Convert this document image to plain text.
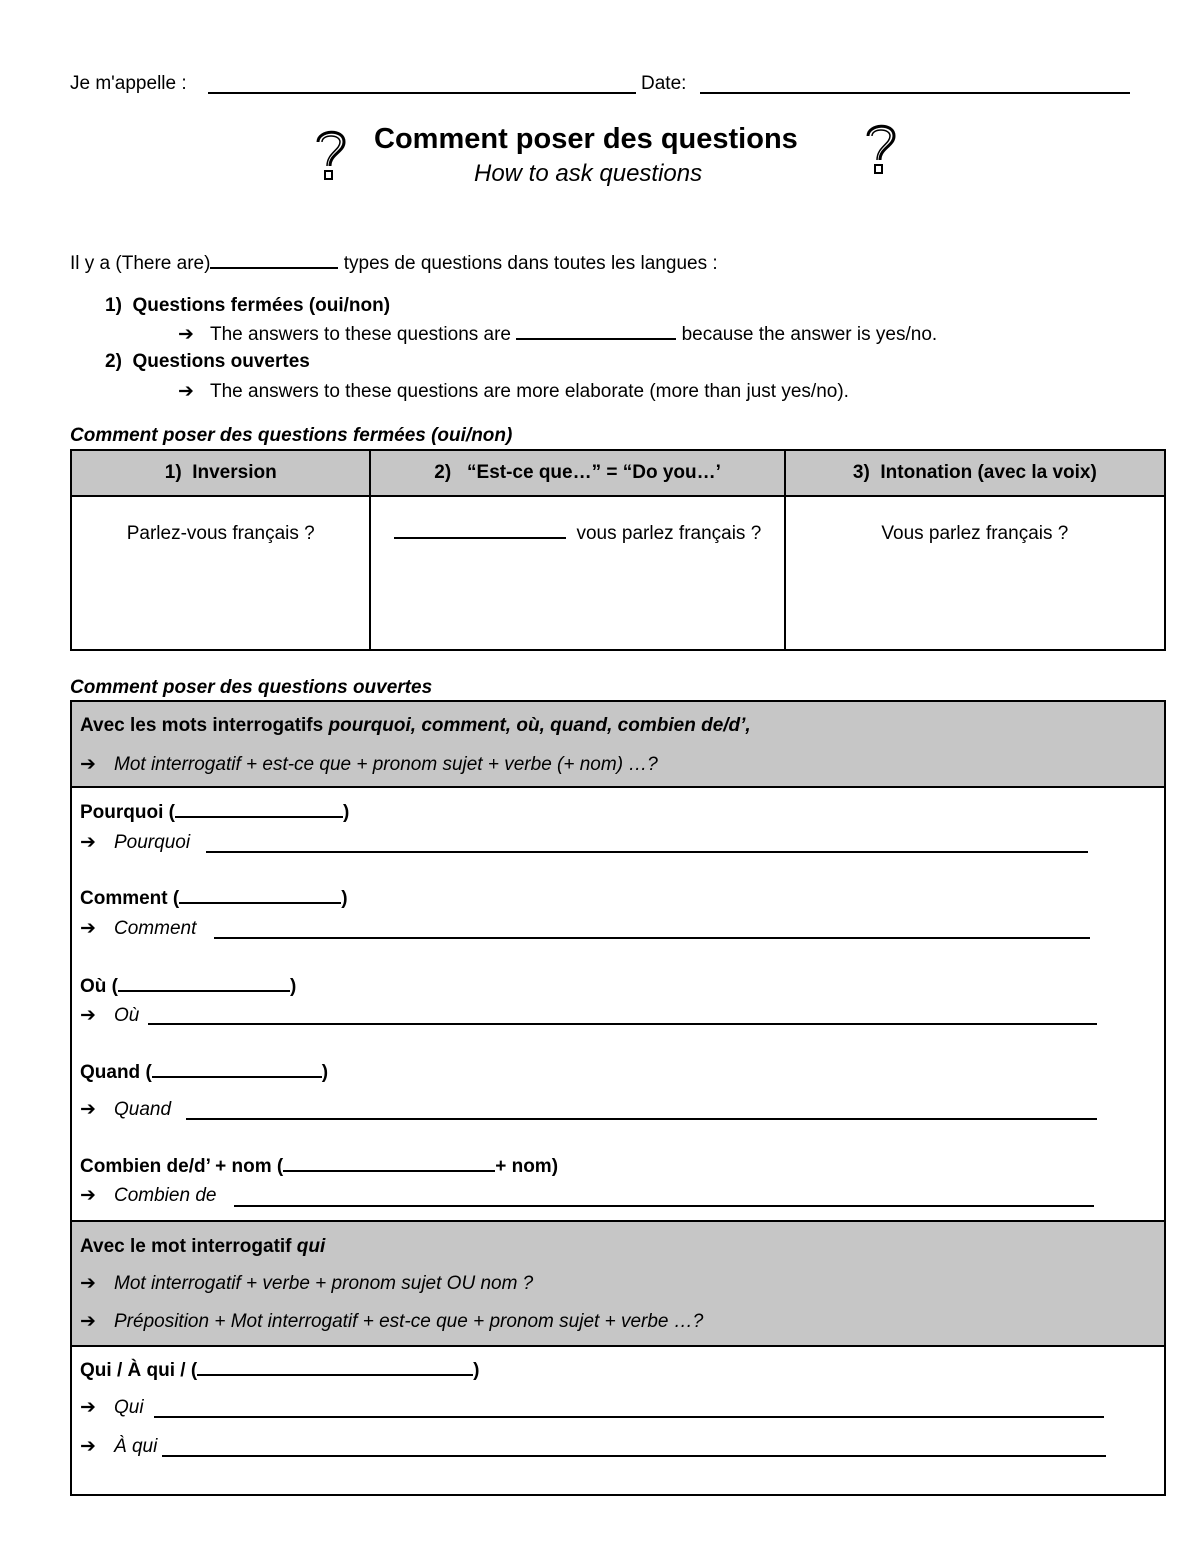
Je m'appelle :	Date:
Comment poser des questions
How to ask questions
Il y a (There are)	types de questions dans toutes les langues :
1) Questions fermées (oui/non)
➔ The answers to these questions are	because the answer is yes/no.
2) Questions ouvertes
➔ The answers to these questions are more elaborate (more than just yes/no).
Comment poser des questions fermées (oui/non)
1) Inversion	2) “Est-ce que…” = “Do you…’	3) Intonation (avec la voix)
Parlez-vous français ?	vous parlez français ?	Vous parlez français ?
Comment poser des questions ouvertes
Avec les mots interrogatifs pourquoi, comment, où, quand, combien de/d’,
➔ Mot interrogatif + est-ce que + pronom sujet + verbe (+ nom) …?
Pourquoi (	)
➔ Pourquoi
Comment (	)
➔ Comment
Où (	)
➔ Où
Quand (	)
➔ Quand
Combien de/d’ + nom (	+ nom)
➔ Combien de
Avec le mot interrogatif qui
➔ Mot interrogatif + verbe + pronom sujet OU nom ?
➔ Préposition + Mot interrogatif + est-ce que + pronom sujet + verbe …?
Qui / À qui / (	)
➔ Qui
➔ À qui
